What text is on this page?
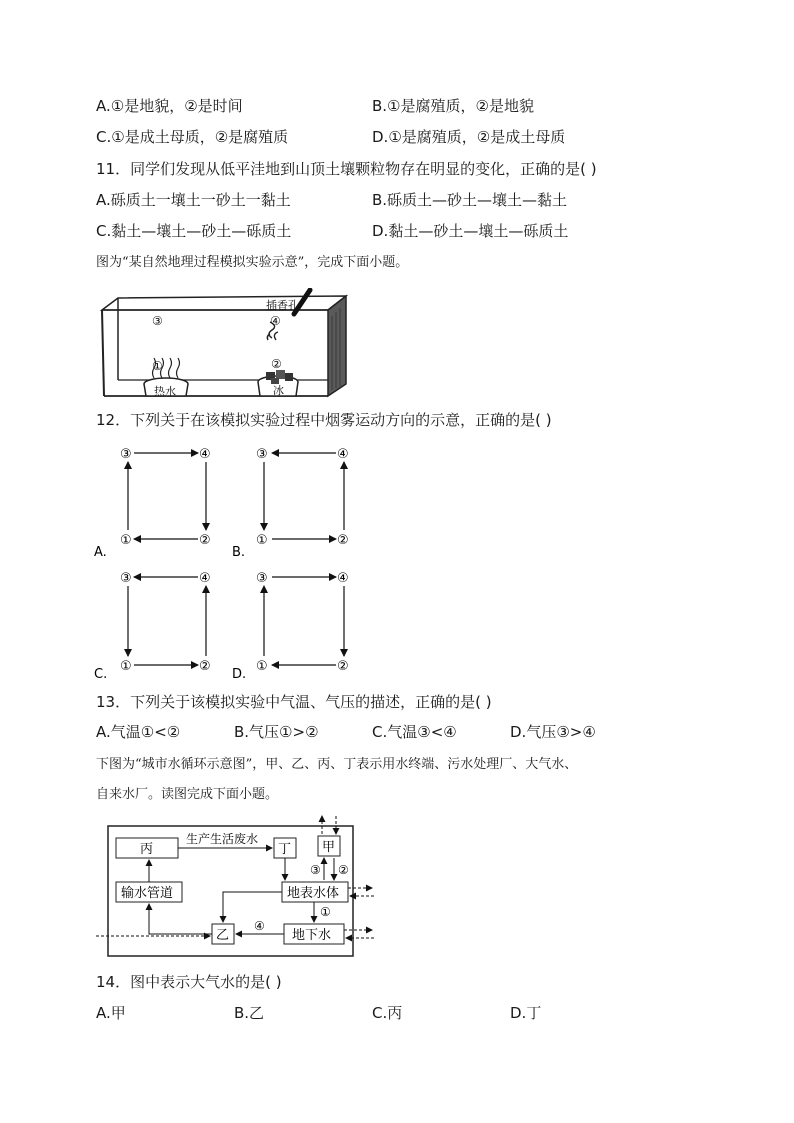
A.①是地貌，②是时间	B.①是腐殖质，②是地貌
C.①是成土母质，②是腐殖质	D.①是腐殖质，②是成土母质
11．同学们发现从低平洼地到山顶土壤颗粒物存在明显的变化，正确的是( )
A.砾质土一壤土一砂土一黏土	B.砾质土—砂土—壤土—黏土
C.黏土—壤土—砂土—砾质土	D.黏土—砂土—壤土—砾质土
图为“某自然地理过程模拟实验示意”，完成下面小题。
插香孔
③	④
①	②
热水	冰
12．下列关于在该模拟实验过程中烟雾运动方向的示意，正确的是( )
③	④
①	②
③	④
①	②
③	④
①	②
③	④
①	②
A.	B.
C.	D.
13．下列关于该模拟实验中气温、气压的描述，正确的是( )
A.气温①<②	B.气压①>②	C.气温③<④	D.气压③>④
下图为“城市水循环示意图”，甲、乙、丙、丁表示用水终端、污水处理厂、大气水、
自来水厂。读图完成下面小题。
丙	丁 甲
输水管道	地表水体
乙	地下水
生产生活废水
③ ②
①
④
14．图中表示大气水的是( )
A.甲	B.乙	C.丙	D.丁
